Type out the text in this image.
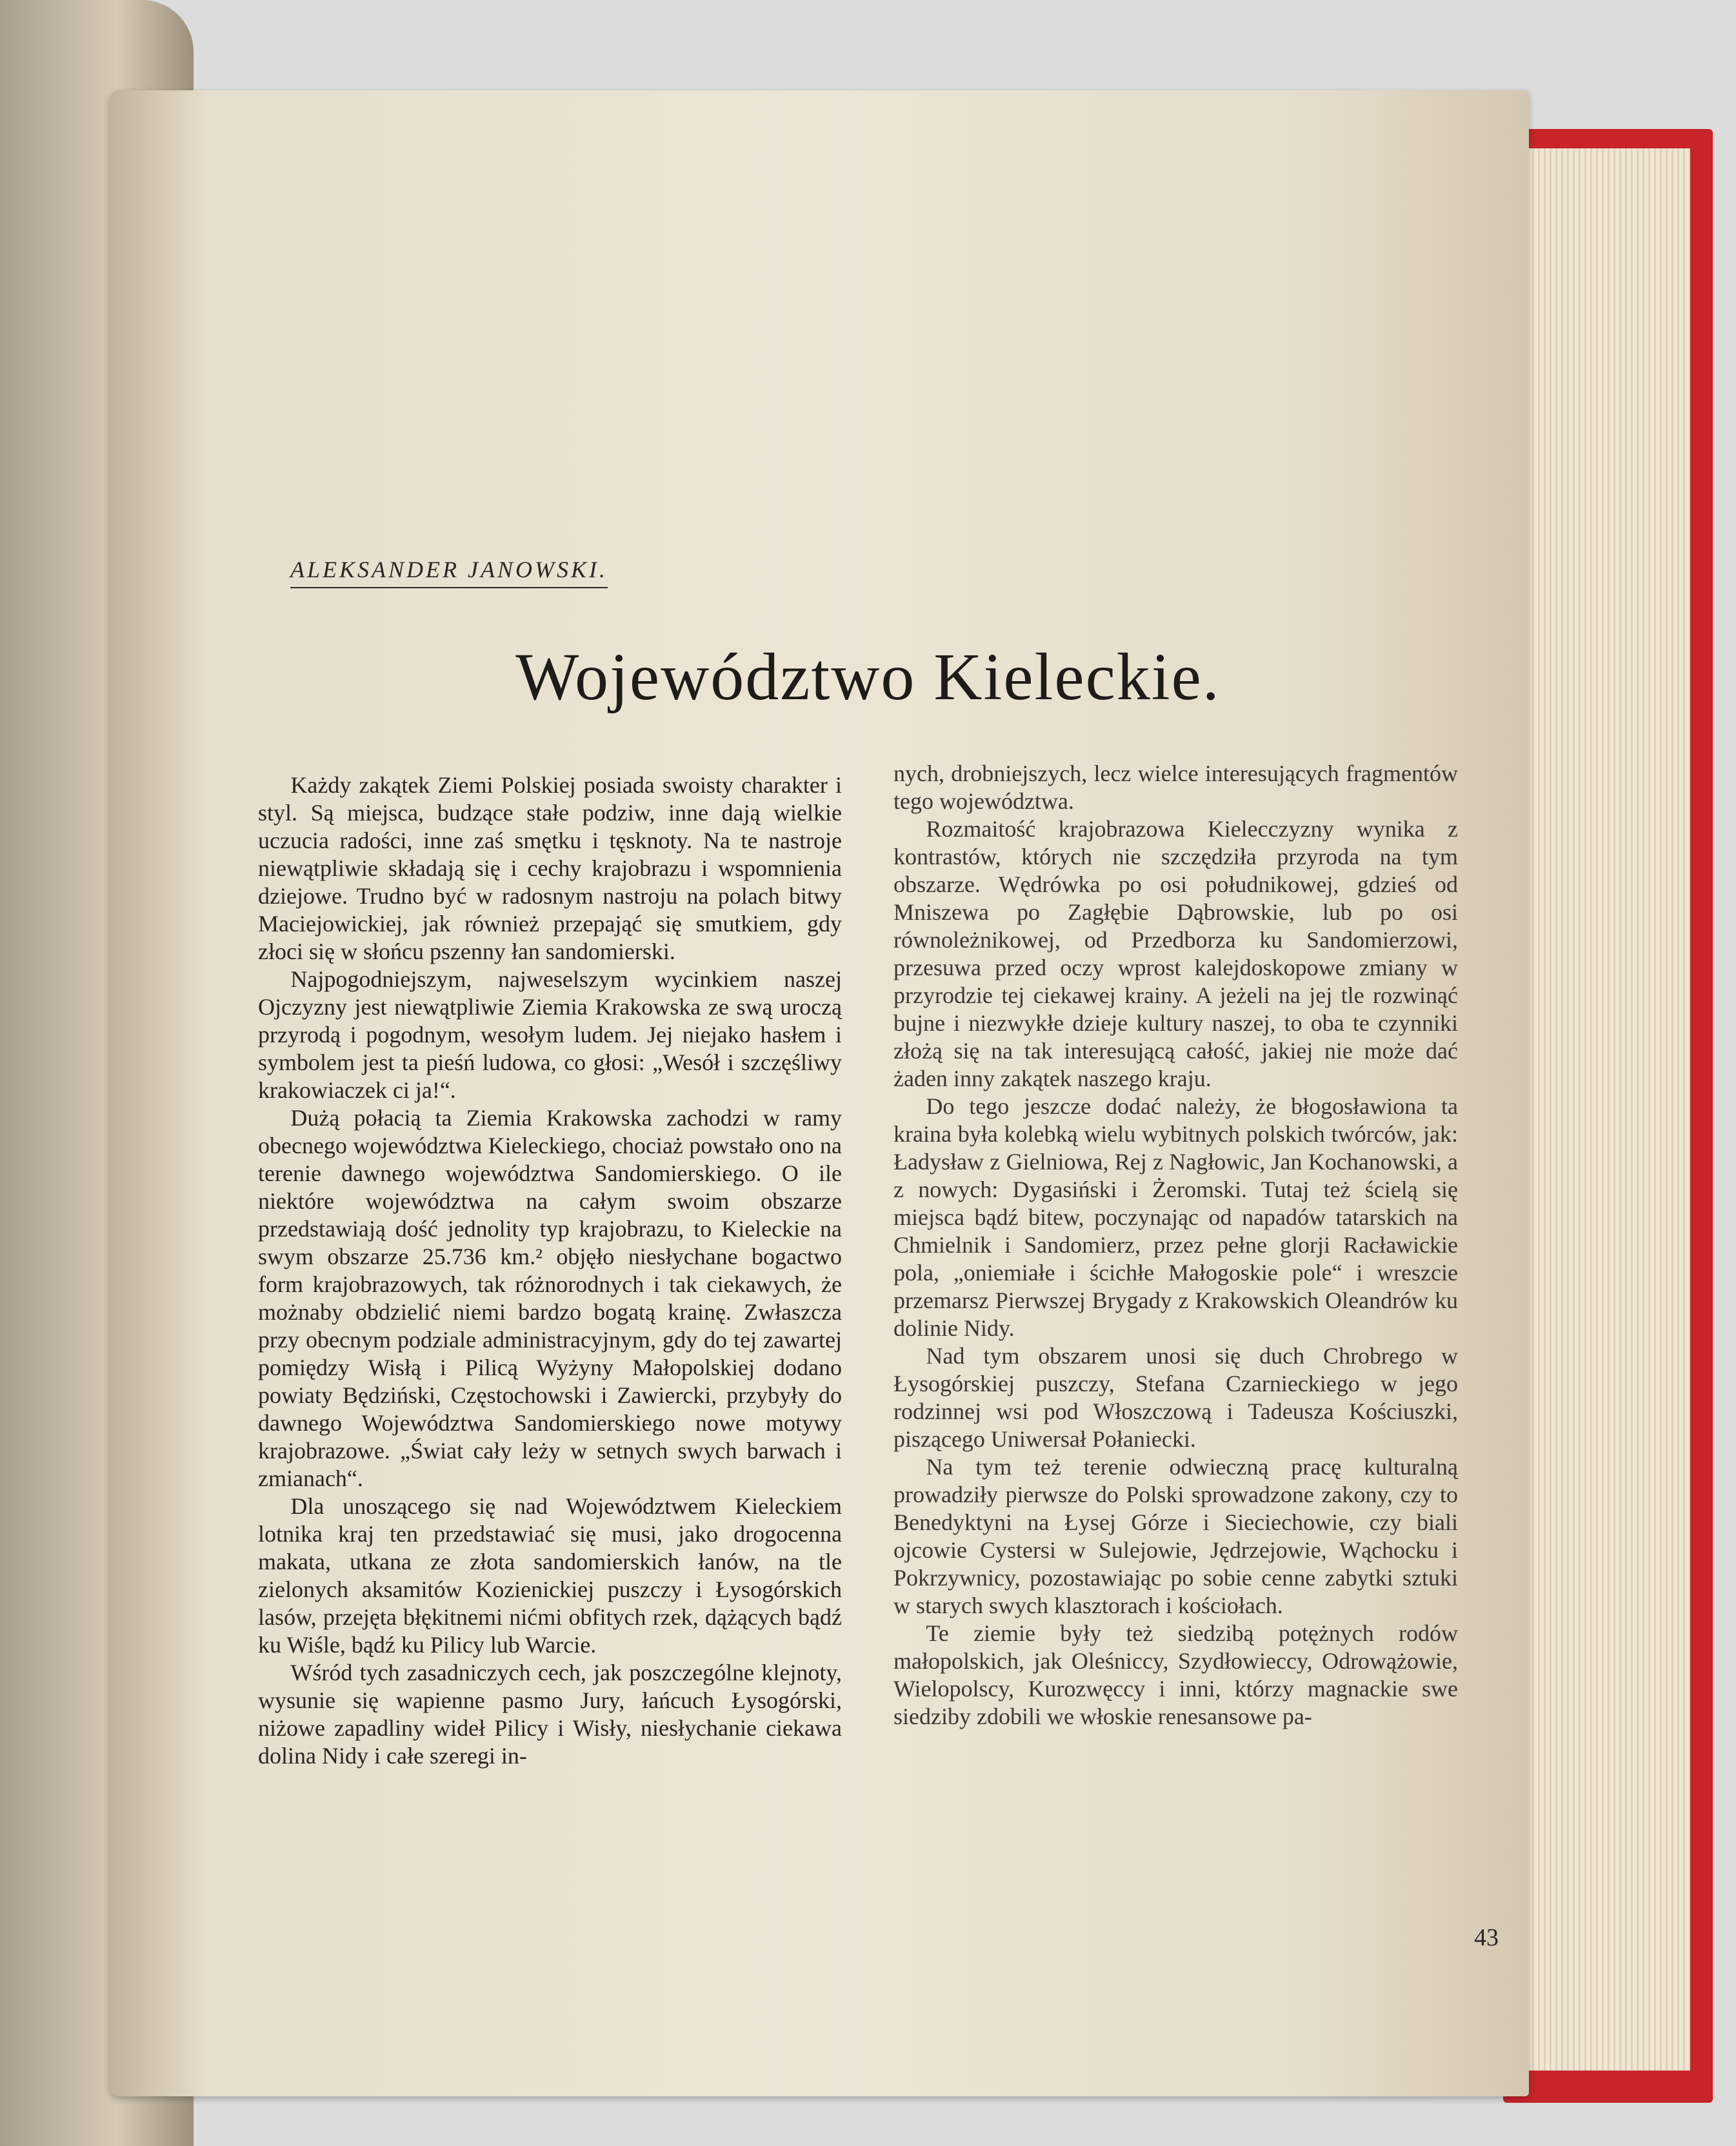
ALEKSANDER JANOWSKI.
Województwo Kieleckie.

Każdy zakątek Ziemi Polskiej posiada swoisty charakter i styl. Są miejsca, budzące stałe podziw, inne dają wielkie uczucia radości, inne zaś smętku i tęsknoty. Na te nastroje niewątpliwie składają się i cechy krajobrazu i wspomnienia dziejowe. Trudno być w radosnym nastroju na polach bitwy Maciejowickiej, jak również przepająć się smutkiem, gdy złoci się w słońcu pszenny łan sandomierski.

Najpogodniejszym, najweselszym wycinkiem naszej Ojczyzny jest niewątpliwie Ziemia Krakowska ze swą uroczą przyrodą i pogodnym, wesołym ludem. Jej niejako hasłem i symbolem jest ta pieśń ludowa, co głosi: „Wesół i szczęśliwy krakowiaczek ci ja!“.

Dużą połacią ta Ziemia Krakowska zachodzi w ramy obecnego województwa Kieleckiego, chociaż powstało ono na terenie dawnego województwa Sandomierskiego. O ile niektóre województwa na całym swoim obszarze przedstawiają dość jednolity typ krajobrazu, to Kieleckie na swym obszarze 25.736 km.² objęło niesłychane bogactwo form krajobrazowych, tak różnorodnych i tak ciekawych, że możnaby obdzielić niemi bardzo bogatą krainę. Zwłaszcza przy obecnym podziale administracyjnym, gdy do tej zawartej pomiędzy Wisłą i Pilicą Wyżyny Małopolskiej dodano powiaty Będziński, Częstochowski i Zawiercki, przybyły do dawnego Województwa Sandomierskiego nowe motywy krajobrazowe. „Świat cały leży w setnych swych barwach i zmianach“.

Dla unoszącego się nad Województwem Kieleckiem lotnika kraj ten przedstawiać się musi, jako drogocenna makata, utkana ze złota sandomierskich łanów, na tle zielonych aksamitów Kozienickiej puszczy i Łysogórskich lasów, przejęta błękitnemi nićmi obfitych rzek, dążących bądź ku Wiśle, bądź ku Pilicy lub Warcie.

Wśród tych zasadniczych cech, jak poszczególne klejnoty, wysunie się wapienne pasmo Jury, łańcuch Łysogórski, niżowe zapadliny wideł Pilicy i Wisły, niesłychanie ciekawa dolina Nidy i całe szeregi in-

nych, drobniejszych, lecz wielce interesujących fragmentów tego województwa.

Rozmaitość krajobrazowa Kielecczyzny wynika z kontrastów, których nie szczędziła przyroda na tym obszarze. Wędrówka po osi południkowej, gdzieś od Mniszewa po Zagłębie Dąbrowskie, lub po osi równoleżnikowej, od Przedborza ku Sandomierzowi, przesuwa przed oczy wprost kalejdoskopowe zmiany w przyrodzie tej ciekawej krainy. A jeżeli na jej tle rozwinąć bujne i niezwykłe dzieje kultury naszej, to oba te czynniki złożą się na tak interesującą całość, jakiej nie może dać żaden inny zakątek naszego kraju.

Do tego jeszcze dodać należy, że błogosławiona ta kraina była kolebką wielu wybitnych polskich twórców, jak: Ładysław z Gielniowa, Rej z Nagłowic, Jan Kochanowski, a z nowych: Dygasiński i Żeromski. Tutaj też ścielą się miejsca bądź bitew, poczynając od napadów tatarskich na Chmielnik i Sandomierz, przez pełne glorji Racławickie pola, „oniemiałe i ścichłe Małogoskie pole“ i wreszcie przemarsz Pierwszej Brygady z Krakowskich Oleandrów ku dolinie Nidy.

Nad tym obszarem unosi się duch Chrobrego w Łysogórskiej puszczy, Stefana Czarnieckiego w jego rodzinnej wsi pod Włoszczową i Tadeusza Kościuszki, piszącego Uniwersał Połaniecki.

Na tym też terenie odwieczną pracę kulturalną prowadziły pierwsze do Polski sprowadzone zakony, czy to Benedyktyni na Łysej Górze i Sieciechowie, czy biali ojcowie Cystersi w Sulejowie, Jędrzejowie, Wąchocku i Pokrzywnicy, pozostawiając po sobie cenne zabytki sztuki w starych swych klasztorach i kościołach.

Te ziemie były też siedzibą potężnych rodów małopolskich, jak Oleśniccy, Szydłowieccy, Odrowążowie, Wielopolscy, Kurozwęccy i inni, którzy magnackie swe siedziby zdobili we włoskie renesansowe pa-

43
